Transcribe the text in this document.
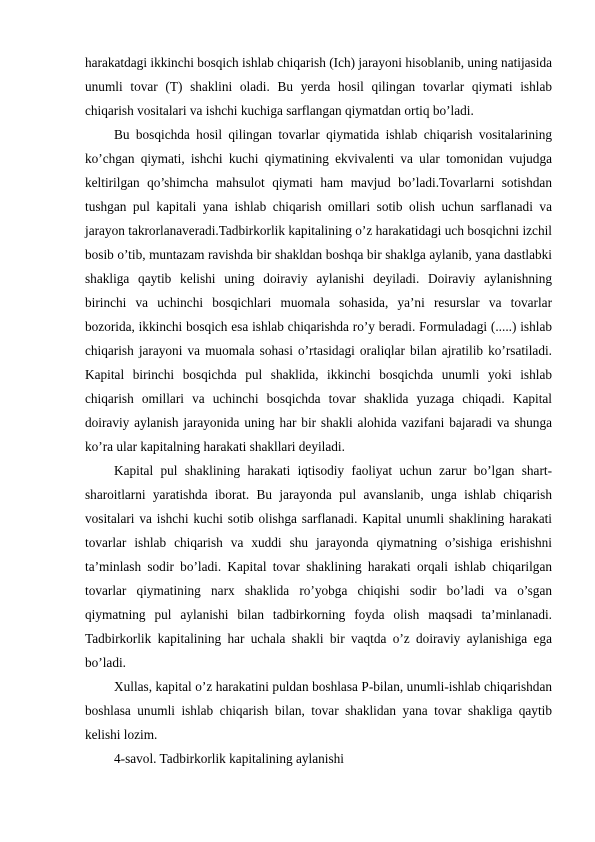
harakatdagi ikkinchi bosqich ishlab chiqarish (Ich) jarayoni hisoblanib, uning natijasida unumli tovar (T) shaklini oladi. Bu yerda hosil qilingan tovarlar qiymati ishlab chiqarish vositalari va ishchi kuchiga sarflangan qiymatdan ortiq bo’ladi.

Bu bosqichda hosil qilingan tovarlar qiymatida ishlab chiqarish vositalarining ko’chgan qiymati, ishchi kuchi qiymatining ekvivalenti va ular tomonidan vujudga keltirilgan qo’shimcha mahsulot qiymati ham mavjud bo’ladi.Tovarlarni sotishdan tushgan pul kapitali yana ishlab chiqarish omillari sotib olish uchun sarflanadi va jarayon takrorlanaveradi.Tadbirkorlik kapitalining o’z harakatidagi uch bosqichni izchil bosib o’tib, muntazam ravishda bir shakldan boshqa bir shaklga aylanib, yana dastlabki shakliga qaytib kelishi uning doiraviy aylanishi deyiladi. Doiraviy aylanishning birinchi va uchinchi bosqichlari muomala sohasida, ya’ni resurslar va tovarlar bozorida, ikkinchi bosqich esa ishlab chiqarishda ro’y beradi. Formuladagi (.....) ishlab chiqarish jarayoni va muomala sohasi o’rtasidagi oraliqlar bilan ajratilib ko’rsatiladi. Kapital birinchi bosqichda pul shaklida, ikkinchi bosqichda unumli yoki ishlab chiqarish omillari va uchinchi bosqichda tovar shaklida yuzaga chiqadi. Kapital doiraviy aylanish jarayonida uning har bir shakli alohida vazifani bajaradi va shunga ko’ra ular kapitalning harakati shakllari deyiladi.

Kapital pul shaklining harakati iqtisodiy faoliyat uchun zarur bo’lgan shart-sharoitlarni yaratishda iborat. Bu jarayonda pul avanslanib, unga ishlab chiqarish vositalari va ishchi kuchi sotib olishga sarflanadi. Kapital unumli shaklining harakati tovarlar ishlab chiqarish va xuddi shu jarayonda qiymatning o’sishiga erishishni ta’minlash sodir bo’ladi. Kapital tovar shaklining harakati orqali ishlab chiqarilgan tovarlar qiymatining narx shaklida ro’yobga chiqishi sodir bo’ladi va o’sgan qiymatning pul aylanishi bilan tadbirkorning foyda olish maqsadi ta’minlanadi. Tadbirkorlik kapitalining har uchala shakli bir vaqtda o’z doiraviy aylanishiga ega bo’ladi.

Xullas, kapital o’z harakatini puldan boshlasa P-bilan, unumli-ishlab chiqarishdan boshlasa unumli ishlab chiqarish bilan, tovar shaklidan yana tovar shakliga qaytib kelishi lozim.

4-savol. Tadbirkorlik kapitalining aylanishi
